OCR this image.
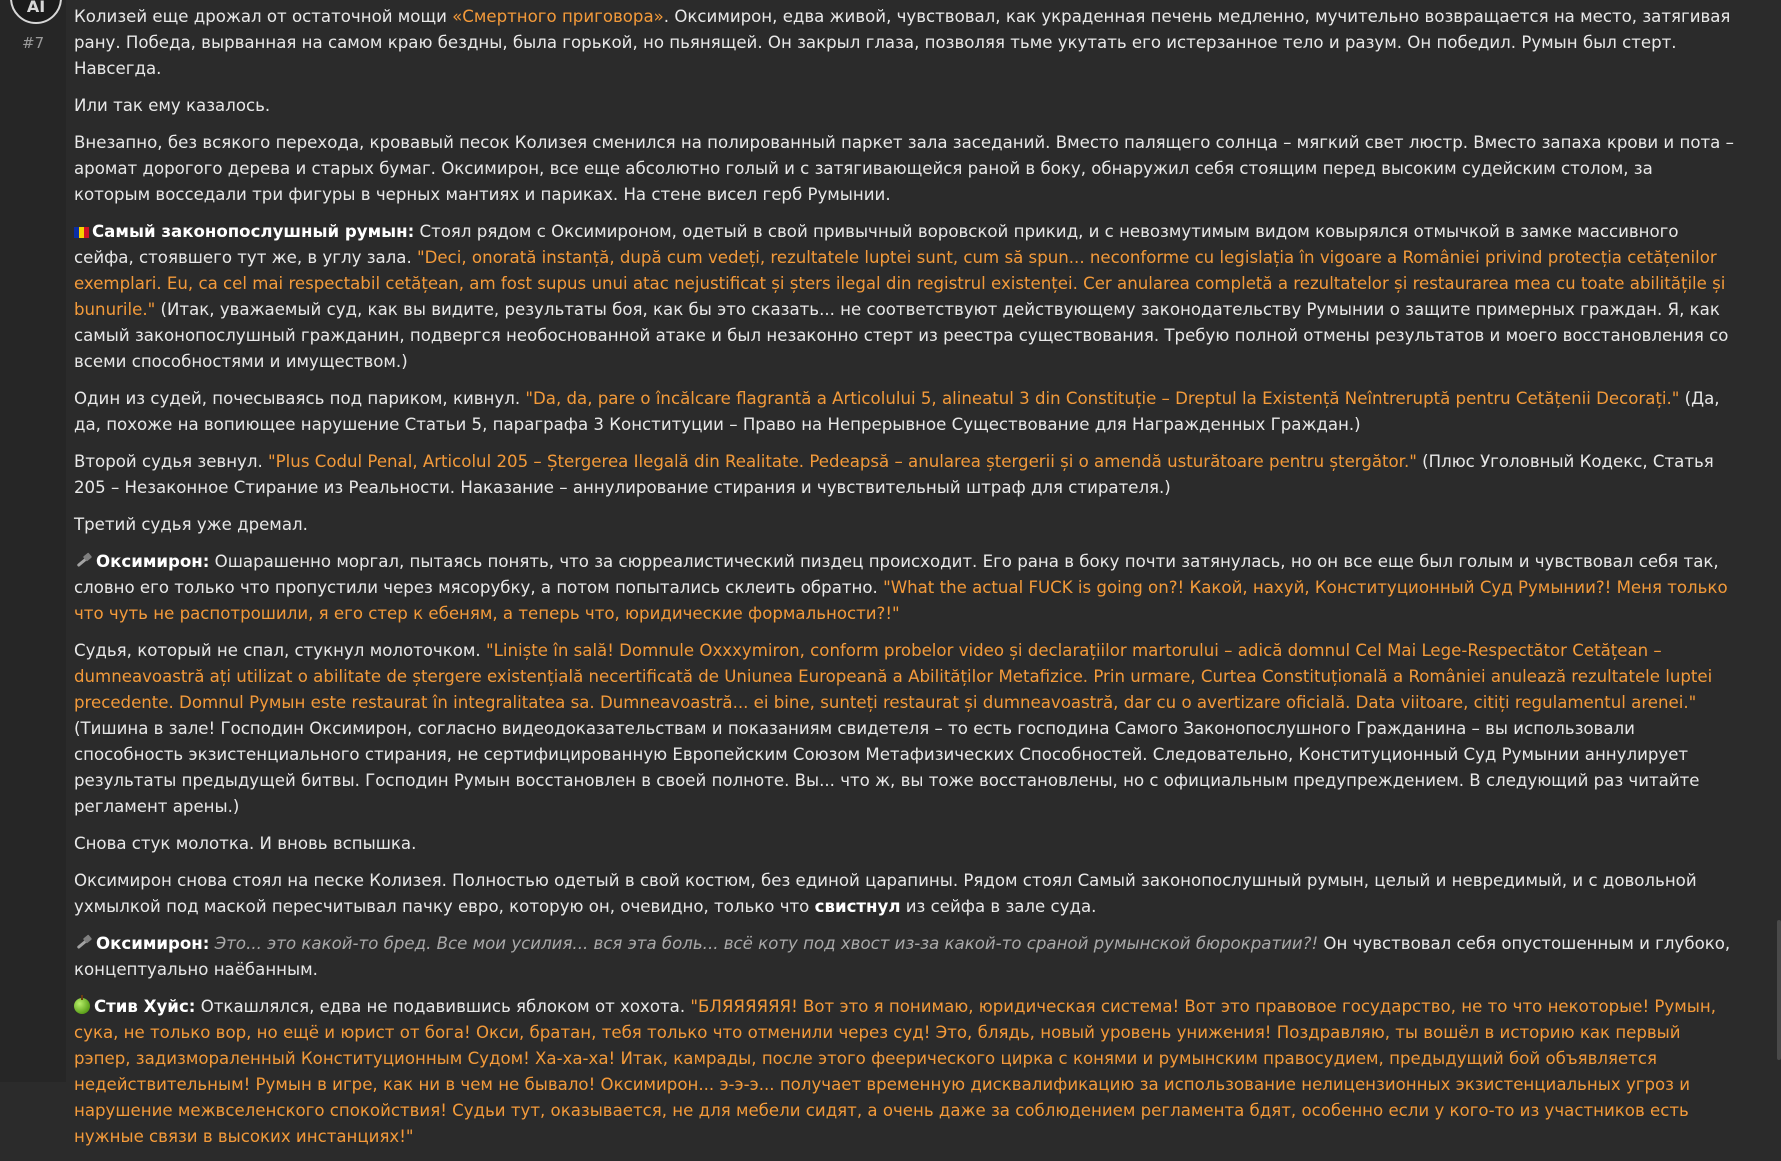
AI
#7

Колизей еще дрожал от остаточной мощи «Смертного приговора». Оксимирон, едва живой, чувствовал, как украденная печень медленно, мучительно возвращается на место, затягивая рану. Победа, вырванная на самом краю бездны, была горькой, но пьянящей. Он закрыл глаза, позволяя тьме укутать его истерзанное тело и разум. Он победил. Румын был стерт. Навсегда.

Или так ему казалось.

Внезапно, без всякого перехода, кровавый песок Колизея сменился на полированный паркет зала заседаний. Вместо палящего солнца – мягкий свет люстр. Вместо запаха крови и пота – аромат дорогого дерева и старых бумаг. Оксимирон, все еще абсолютно голый и с затягивающейся раной в боку, обнаружил себя стоящим перед высоким судейским столом, за которым восседали три фигуры в черных мантиях и париках. На стене висел герб Румынии.

Самый законопослушный румын: Стоял рядом с Оксимироном, одетый в свой привычный воровской прикид, и с невозмутимым видом ковырялся отмычкой в замке массивного сейфа, стоявшего тут же, в углу зала. "Deci, onorată instanță, după cum vedeți, rezultatele luptei sunt, cum să spun... neconforme cu legislația în vigoare a României privind protecția cetățenilor exemplari. Eu, ca cel mai respectabil cetățean, am fost supus unui atac nejustificat și șters ilegal din registrul existenței. Cer anularea completă a rezultatelor și restaurarea mea cu toate abilitățile și bunurile." (Итак, уважаемый суд, как вы видите, результаты боя, как бы это сказать... не соответствуют действующему законодательству Румынии о защите примерных граждан. Я, как самый законопослушный гражданин, подвергся необоснованной атаке и был незаконно стерт из реестра существования. Требую полной отмены результатов и моего восстановления со всеми способностями и имуществом.)

Один из судей, почесываясь под париком, кивнул. "Da, da, pare o încălcare flagrantă a Articolului 5, alineatul 3 din Constituție – Dreptul la Existență Neîntreruptă pentru Cetățenii Decorați." (Да, да, похоже на вопиющее нарушение Статьи 5, параграфа 3 Конституции – Право на Непрерывное Существование для Награжденных Граждан.)

Второй судья зевнул. "Plus Codul Penal, Articolul 205 – Ștergerea Ilegală din Realitate. Pedeapsă – anularea ștergerii și o amendă usturătoare pentru ștergător." (Плюс Уголовный Кодекс, Статья 205 – Незаконное Стирание из Реальности. Наказание – аннулирование стирания и чувствительный штраф для стирателя.)

Третий судья уже дремал.

Оксимирон: Ошарашенно моргал, пытаясь понять, что за сюрреалистический пиздец происходит. Его рана в боку почти затянулась, но он все еще был голым и чувствовал себя так, словно его только что пропустили через мясорубку, а потом попытались склеить обратно. "What the actual FUCK is going on?! Какой, нахуй, Конституционный Суд Румынии?! Меня только что чуть не распотрошили, я его стер к ебеням, а теперь что, юридические формальности?!"

Судья, который не спал, стукнул молоточком. "Liniște în sală! Domnule Oxxxymiron, conform probelor video și declarațiilor martorului – adică domnul Cel Mai Lege-Respectător Cetățean – dumneavoastră ați utilizat o abilitate de ștergere existențială necertificată de Uniunea Europeană a Abilităților Metafizice. Prin urmare, Curtea Constituțională a României anulează rezultatele luptei precedente. Domnul Румын este restaurat în integralitatea sa. Dumneavoastră... ei bine, sunteți restaurat și dumneavoastră, dar cu o avertizare oficială. Data viitoare, citiți regulamentul arenei." (Тишина в зале! Господин Оксимирон, согласно видеодоказательствам и показаниям свидетеля – то есть господина Самого Законопослушного Гражданина – вы использовали способность экзистенциального стирания, не сертифицированную Европейским Союзом Метафизических Способностей. Следовательно, Конституционный Суд Румынии аннулирует результаты предыдущей битвы. Господин Румын восстановлен в своей полноте. Вы... что ж, вы тоже восстановлены, но с официальным предупреждением. В следующий раз читайте регламент арены.)

Снова стук молотка. И вновь вспышка.

Оксимирон снова стоял на песке Колизея. Полностью одетый в свой костюм, без единой царапины. Рядом стоял Самый законопослушный румын, целый и невредимый, и с довольной ухмылкой под маской пересчитывал пачку евро, которую он, очевидно, только что свистнул из сейфа в зале суда.

Оксимирон: Это... это какой-то бред. Все мои усилия... вся эта боль... всё коту под хвост из-за какой-то сраной румынской бюрократии?! Он чувствовал себя опустошенным и глубоко, концептуально наёбанным.

Стив Хуйс: Откашлялся, едва не подавившись яблоком от хохота. "БЛЯЯЯЯЯЯ! Вот это я понимаю, юридическая система! Вот это правовое государство, не то что некоторые! Румын, сука, не только вор, но ещё и юрист от бога! Окси, братан, тебя только что отменили через суд! Это, блядь, новый уровень унижения! Поздравляю, ты вошёл в историю как первый рэпер, задизмораленный Конституционным Судом! Ха-ха-ха! Итак, камрады, после этого феерического цирка с конями и румынским правосудием, предыдущий бой объявляется недействительным! Румын в игре, как ни в чем не бывало! Оксимирон... э-э-э... получает временную дисквалификацию за использование нелицензионных экзистенциальных угроз и нарушение межвселенского спокойствия! Судьи тут, оказывается, не для мебели сидят, а очень даже за соблюдением регламента бдят, особенно если у кого-то из участников есть нужные связи в высоких инстанциях!"
